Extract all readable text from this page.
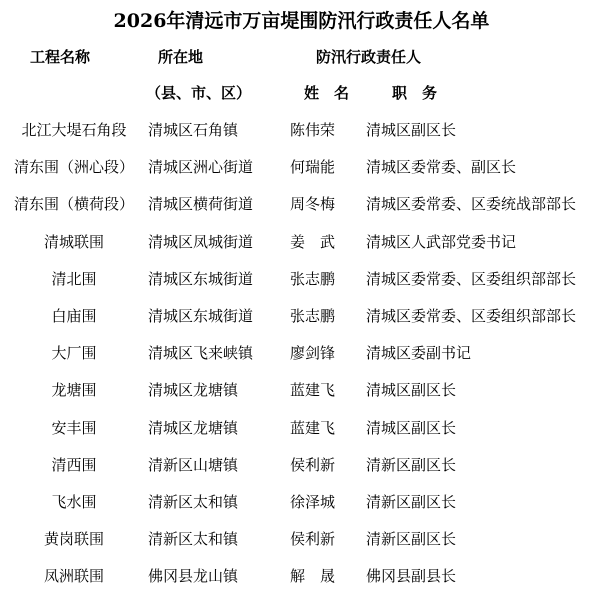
2026年清远市万亩堤围防汛行政责任人名单
工程名称	所在地	防汛行政责任人
（县、市、区）	姓　名	职　务
北江大堤石角段	清城区石角镇	陈伟荣	清城区副区长
清东围（洲心段） 清城区洲心街道 何瑞能	清城区委常委、副区长
清东围（横荷段） 清城区横荷街道 周冬梅	清城区委常委、区委统战部部长
清城联围	清城区凤城街道 姜　武	清城区人武部党委书记
清北围	清城区东城街道 张志鹏	清城区委常委、区委组织部部长
白庙围	清城区东城街道 张志鹏	清城区委常委、区委组织部部长
大厂围	清城区飞来峡镇 廖剑锋	清城区委副书记
龙塘围	清城区龙塘镇	蓝建飞	清城区副区长
安丰围	清城区龙塘镇	蓝建飞	清城区副区长
清西围	清新区山塘镇	侯利新	清新区副区长
飞水围	清新区太和镇	徐泽城	清新区副区长
黄岗联围	清新区太和镇	侯利新	清新区副区长
凤洲联围	佛冈县龙山镇	解　晟	佛冈县副县长
